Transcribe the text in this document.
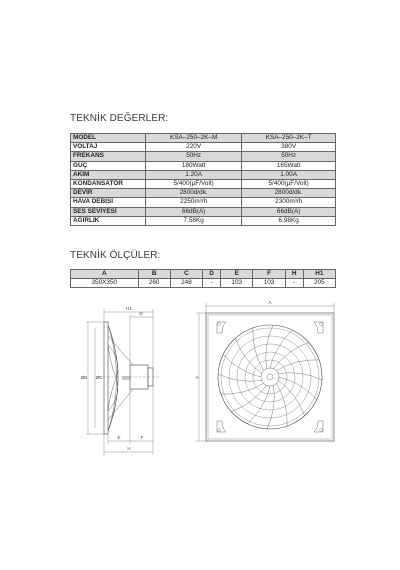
TEKNİK DEĞERLER:
MODEL	KSA–250–2K–M	KSA–250–2K–T
VOLTAJ	220V	380V
FREKANS	50Hz	50Hz
GÜÇ	180Watt	165Watt
AKIM	1.20A	1.00A
KONDANSATÖR	5/400(µF/Volt)	5/400(µF/Volt)
DEVİR	2800d/dk.	2800d/dk.
HAVA DEBİSİ	2250m³/h	2300m³/h
SES SEVİYESİ	66dB(A)	66dB(A)
AĞIRLIK	7,58Kg	6,98Kg
TEKNİK ÖLÇÜLER:
A	B	C	D	E	F	H	H1
350X350	260	248	-	103	103	-	205
H1
D
ØB ØC
E	F
H
A
A
